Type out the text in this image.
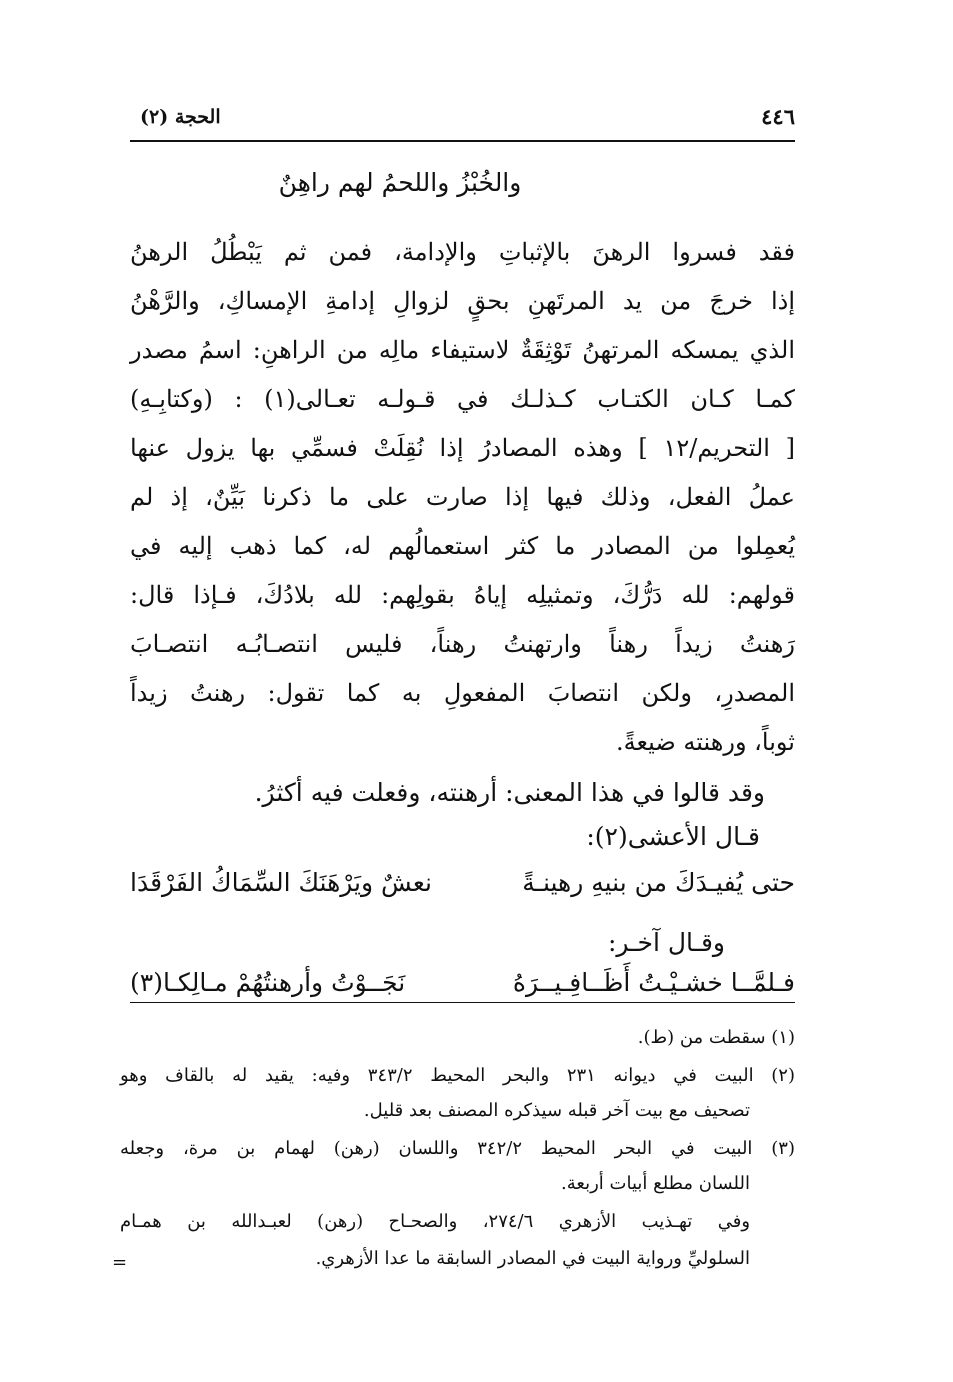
٤٤٦
الحجة (٢)
والخُبْزُ واللحمُ لهم راهِنٌ
فقد فسروا الرهنَ بالإثباتِ والإدامة، فمن ثم يَبْطُلُ الرهنُ
إذا خرجَ من يد المرتَهنِ بحقٍ لزوالِ إدامةِ الإمساكِ، والرَّهْنُ
الذي يمسكه المرتهنُ تَوْثِقَةٌ لاستيفاء مالِه من الراهنِ: اسمُ مصدر
كمـا كـان الكتـاب كـذلـك في قـولـه تعـالى(١) : (وكتابِـهِ)
[ التحريم/١٢ ] وهذه المصادرُ إذا نُقِلَتْ فسمِّي بها يزول عنها
عملُ الفعل، وذلك فيها إذا صارت على ما ذكرنا بَيِّنٌ، إذ لم
يُعمِلوا من المصادر ما كثر استعمالُهم له، كما ذهب إليه في
قولهم: لله دَرُّكَ، وتمثيلِه إياهُ بقولِهم: لله بلادُكَ، فـإذا قال:
رَهنتُ زيداً رهناً وارتهنتُ رهناً، فليس انتصـابُـه انتصـابَ
المصدرِ، ولكن انتصابَ المفعولِ به كما تقول: رهنتُ زيداً
ثوباً، ورهنته ضيعةً.
وقد قالوا في هذا المعنى: أرهنته، وفعلت فيه أكثرُ.
قـال الأعشى(٢):
حتى يُفيـدَكَ من بنيهِ رهينـةً
نعشٌ ويَرْهَنَكَ السِّمَاكُ الفَرْقَدَا
وقـال آخـر:
فـلمَّــا خشـيْـتُ أَظَــافِـيــرَهُ
نَجَــوْتُ وأرهنتُهُمْ مـالِكـا(٣)
(١) سقطت من (ط).
(٢) البيت في ديوانه ٢٣١ والبحر المحيط ٣٤٣/٢ وفيه: يقيد له بالقاف وهو
تصحيف مع بيت آخر قبله سيذكره المصنف بعد قليل.
(٣) البيت في البحر المحيط ٣٤٢/٢ واللسان (رهن) لهمام بن مرة، وجعله
اللسان مطلع أبيات أربعة.
وفي تهـذيب الأزهري ٢٧٤/٦، والصحـاح (رهن) لعبـدالله بن همـام
السلوليِّ ورواية البيت في المصادر السابقة ما عدا الأزهري.
=
